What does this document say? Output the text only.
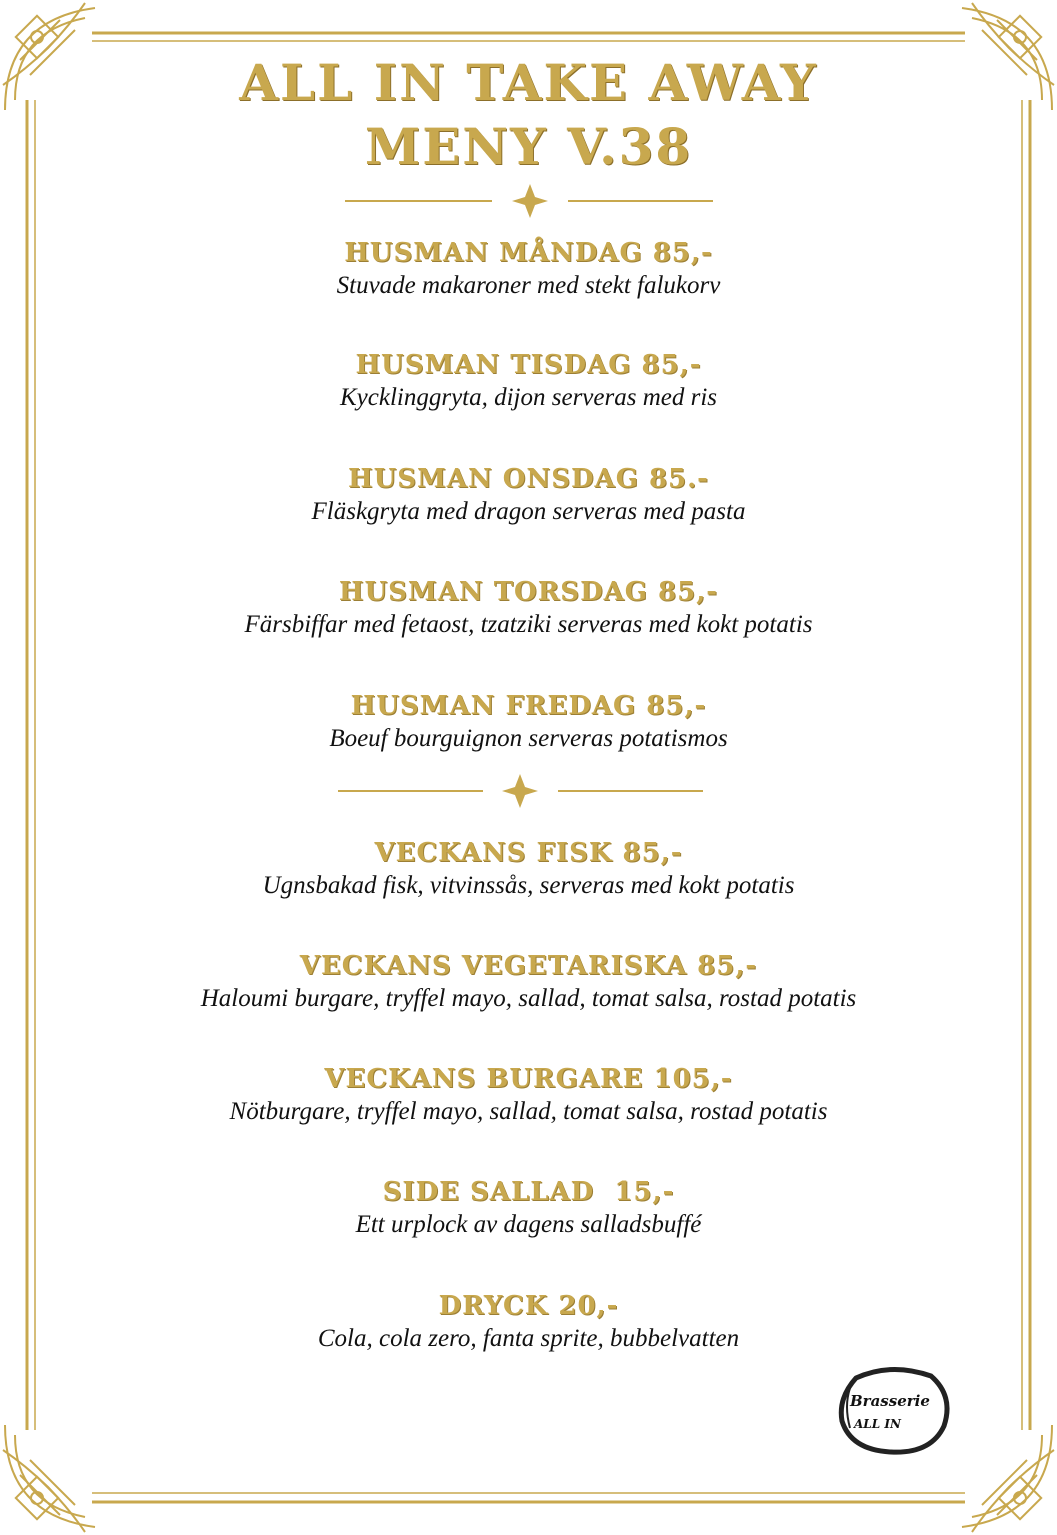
ALL IN TAKE AWAY
MENY V.38
HUSMAN MÅNDAG 85,-
Stuvade makaroner med stekt falukorv
HUSMAN TISDAG 85,-
Kycklinggryta, dijon serveras med ris
HUSMAN ONSDAG 85.-
Fläskgryta med dragon serveras med pasta
HUSMAN TORSDAG 85,-
Färsbiffar med fetaost, tzatziki serveras med kokt potatis
HUSMAN FREDAG 85,-
Boeuf bourguignon serveras potatismos
VECKANS FISK 85,-
Ugnsbakad fisk, vitvinssås, serveras med kokt potatis
VECKANS VEGETARISKA 85,-
Haloumi burgare, tryffel mayo, sallad, tomat salsa, rostad potatis
VECKANS BURGARE 105,-
Nötburgare, tryffel mayo, sallad, tomat salsa, rostad potatis
SIDE SALLAD  15,-
Ett urplock av dagens salladsbuffé
DRYCK 20,-
Cola, cola zero, fanta sprite, bubbelvatten
Brasserie
ALL IN
